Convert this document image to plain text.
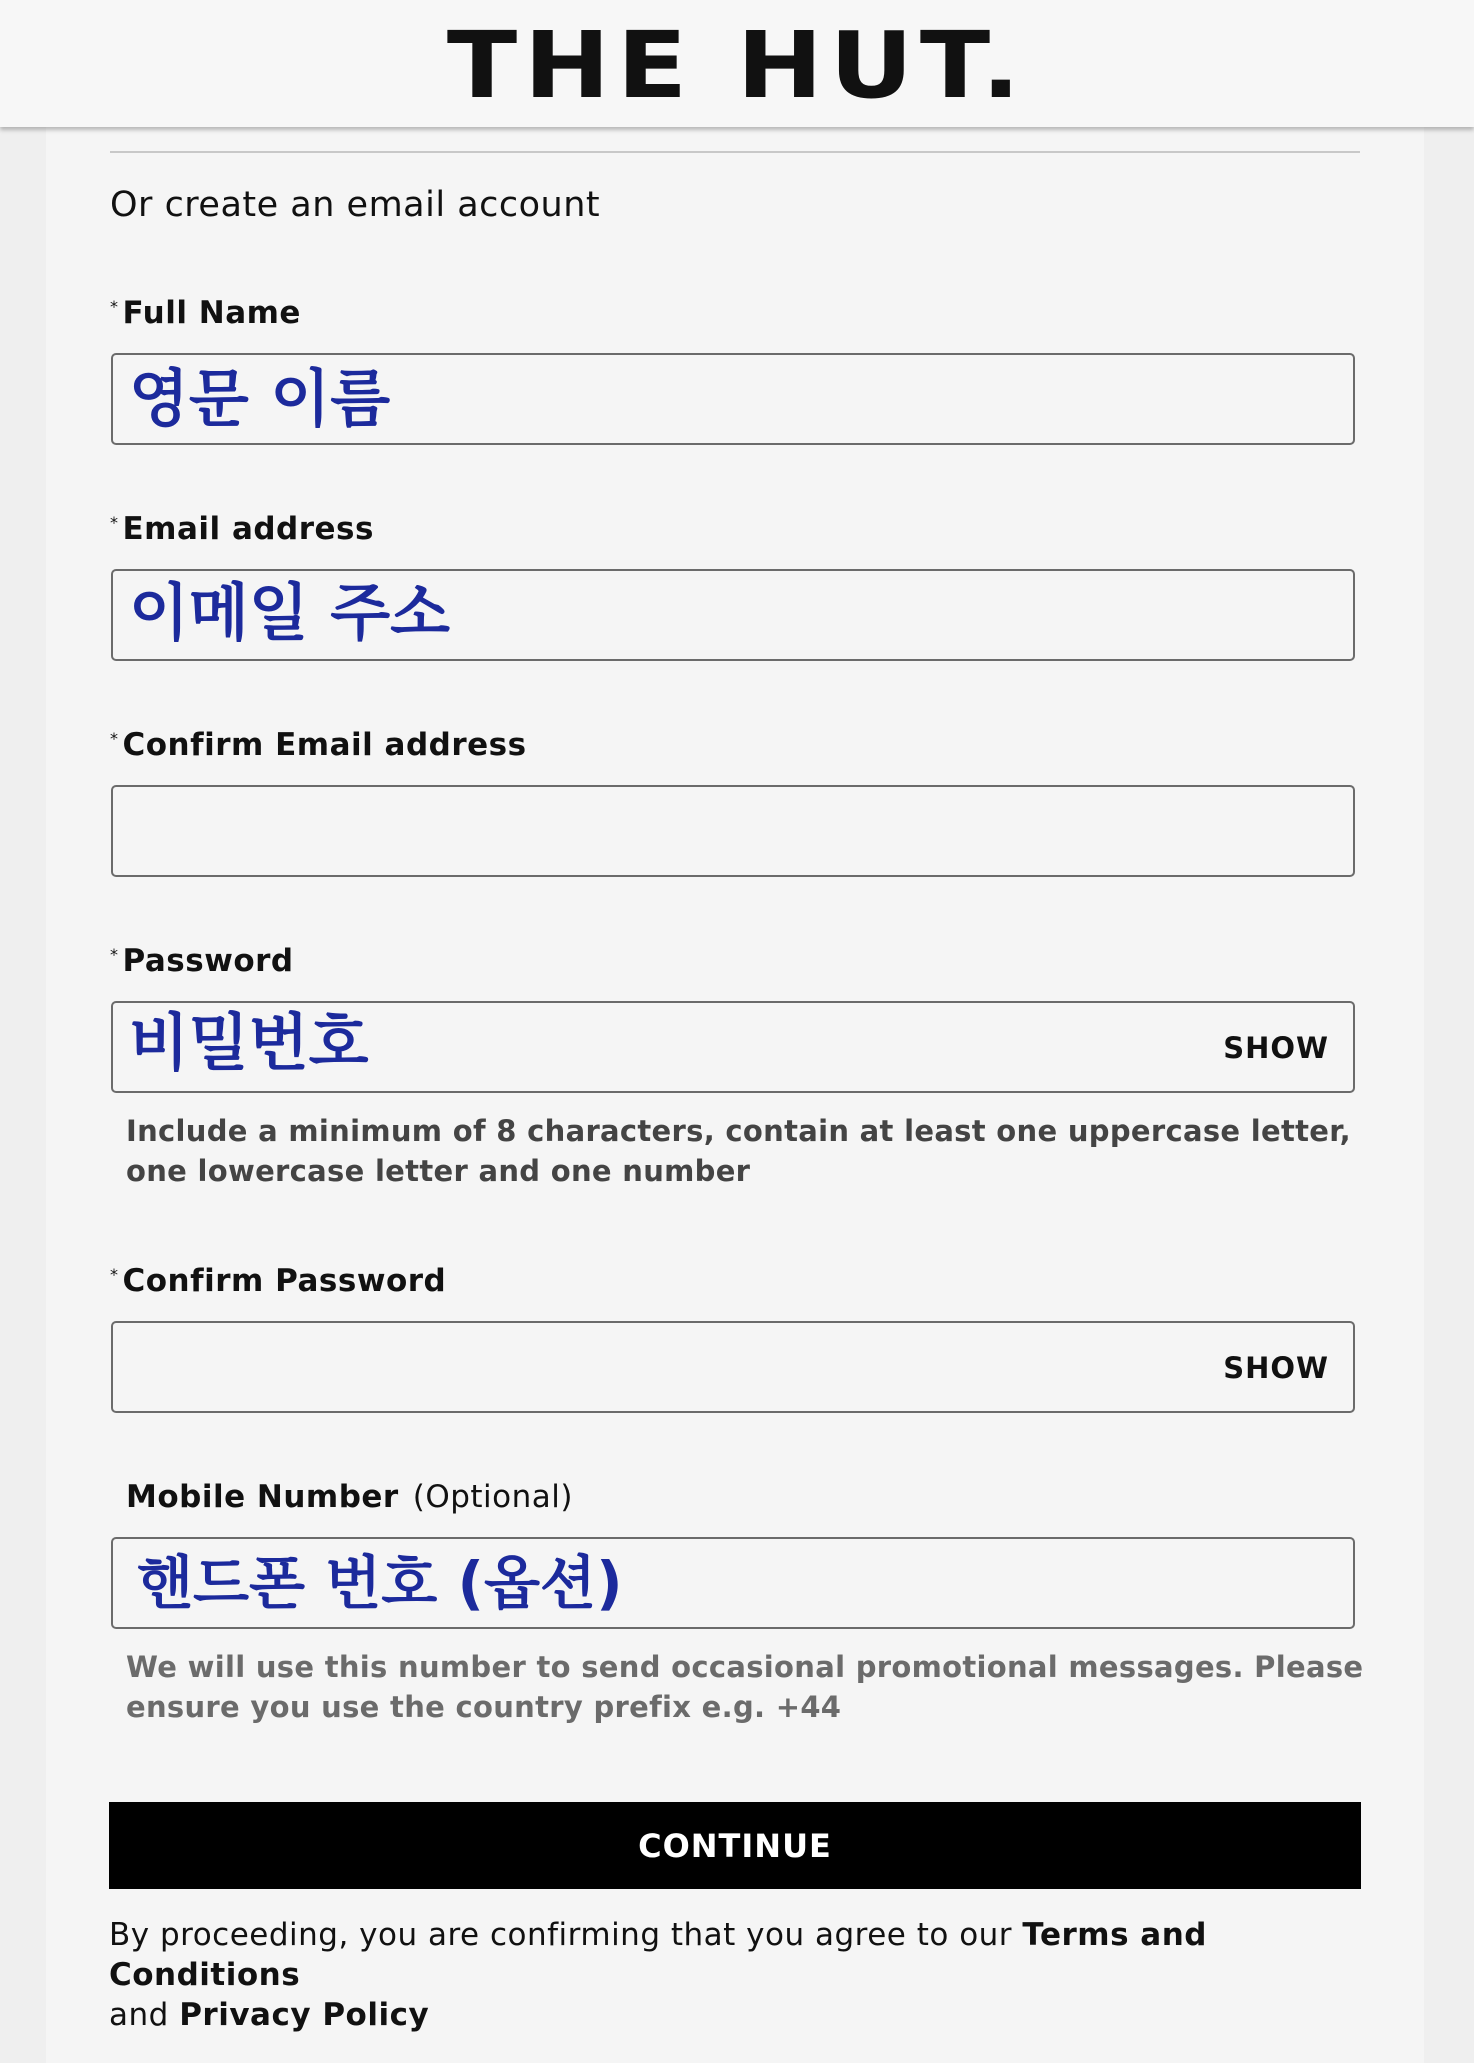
THE HUT.
Or create an email account
* Full Name
영문 이름
* Email address
이메일 주소
* Confirm Email address
* Password
비밀번호	SHOW
Include a minimum of 8 characters, contain at least one uppercase letter, one lowercase letter and one number
* Confirm Password
SHOW
Mobile Number (Optional)
핸드폰 번호 (옵션)
We will use this number to send occasional promotional messages. Please ensure you use the country prefix e.g. +44
CONTINUE
By proceeding, you are confirming that you agree to our Terms and Conditions
and Privacy Policy
